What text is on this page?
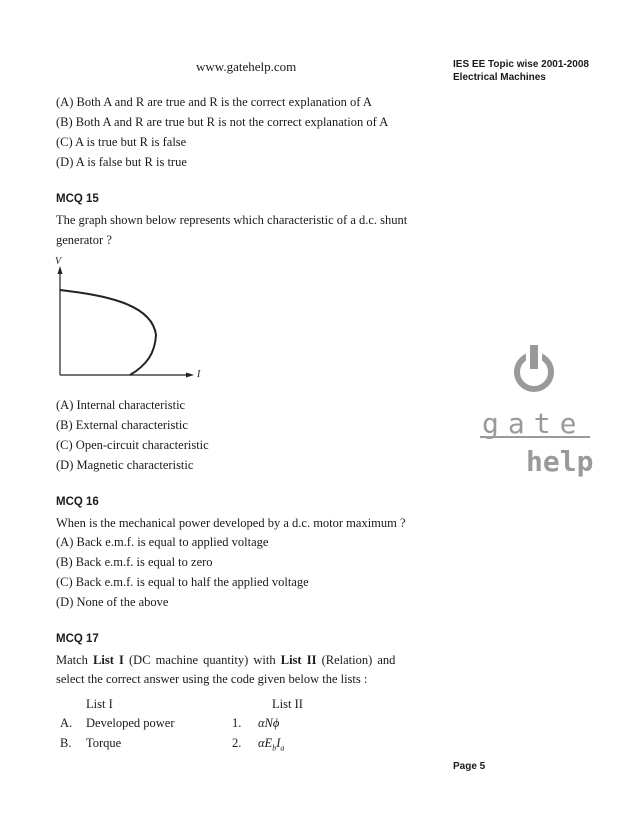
www.gatehelp.com	IES EE Topic wise 2001-2008
Electrical Machines
(A) Both A and R are true and R is the correct explanation of A
(B) Both A and R are true but R is not the correct explanation of A
(C) A is true but R is false
(D) A is false but R is true
MCQ 15
The graph shown below represents which characteristic of a d.c. shunt
generator ?
V
I
(A) Internal characteristic
(B) External characteristic
(C) Open-circuit characteristic
(D) Magnetic characteristic
gate
help
MCQ 16
When is the mechanical power developed by a d.c. motor maximum ?
(A) Back e.m.f. is equal to applied voltage
(B) Back e.m.f. is equal to zero
(C) Back e.m.f. is equal to half the applied voltage
(D) None of the above
MCQ 17
Match List I (DC machine quantity) with List II (Relation) and
select the correct answer using the code given below the lists :
List I	List II
A. Developed power	1. αNϕ
B. Torque	2. $\alpha E_bI_a$
Page 5
